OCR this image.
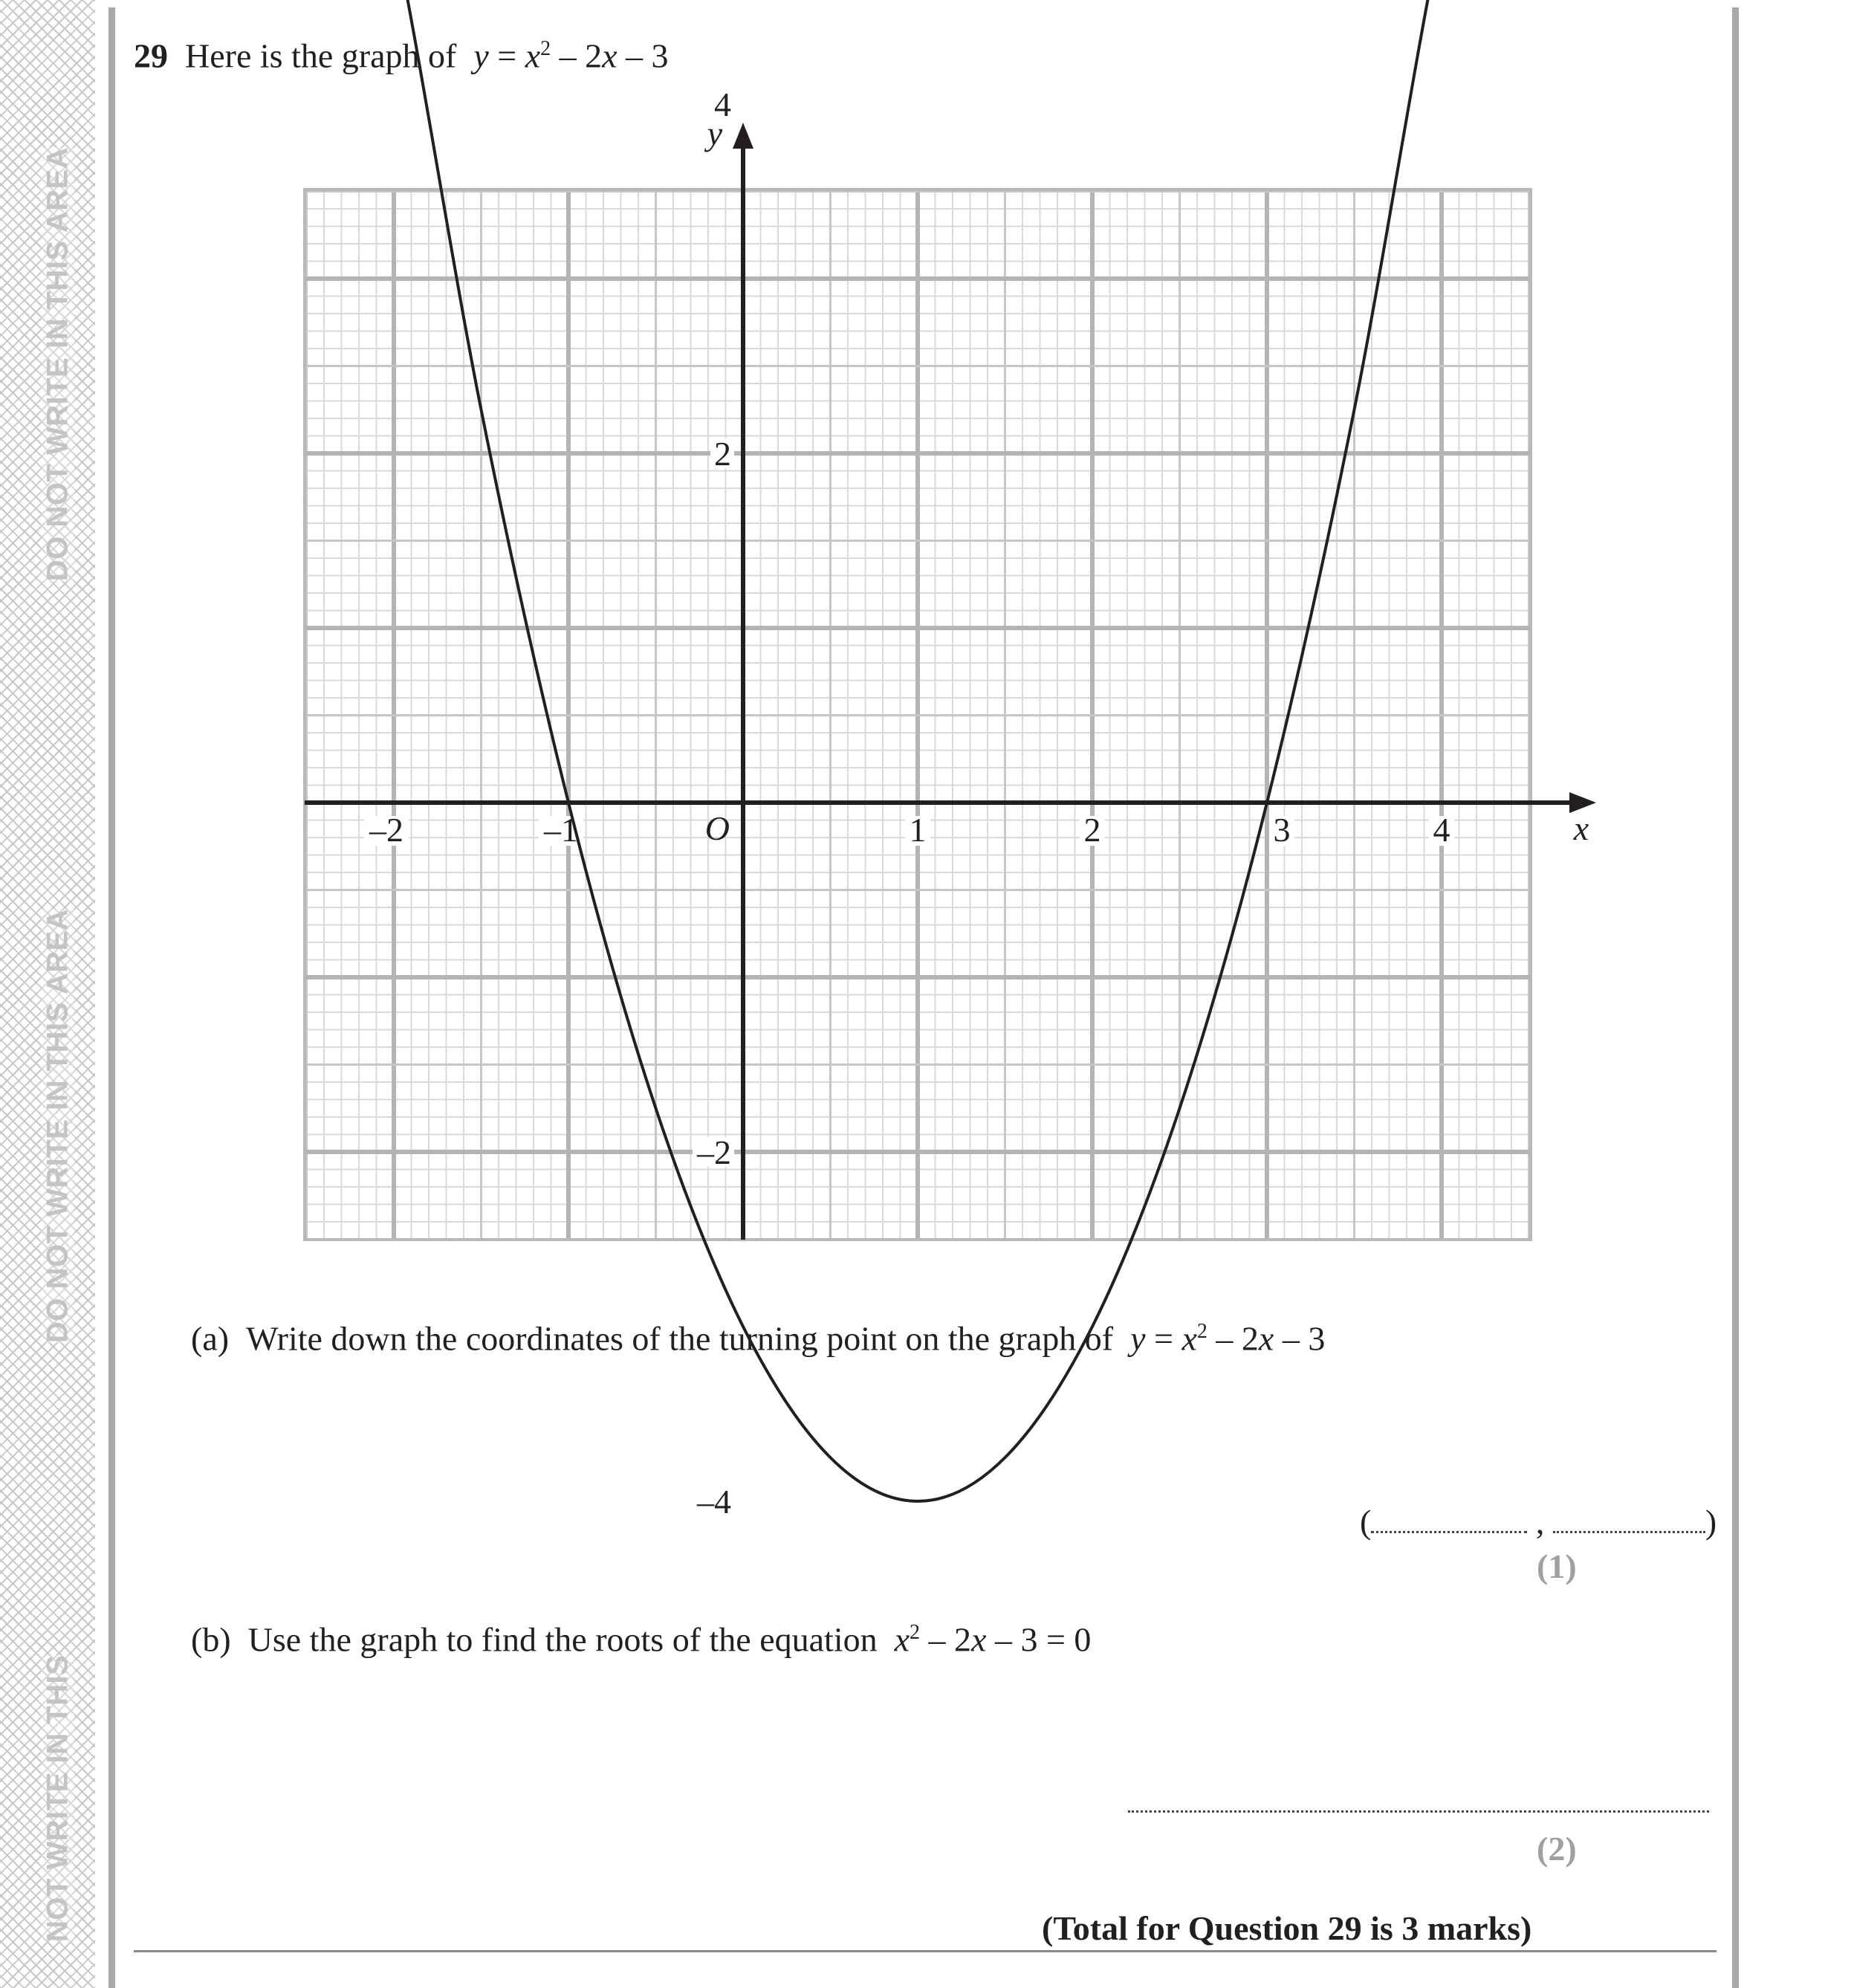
DO NOT WRITE IN THIS AREA
DO NOT WRITE IN THIS AREA
NOT WRITE IN THIS
29 Here is the graph of $y = x^2 - 2x - 3$
–2	–1	1	2	3	4
4
2
–2
–4
O	x
y
(a) Write down the coordinates of the turning point on the graph of $y = x^2 - 2x - 3$
(	,	)
(1)
(b) Use the graph to find the roots of the equation $x^2 - 2x - 3 = 0$
(2)
(Total for Question 29 is 3 marks)
